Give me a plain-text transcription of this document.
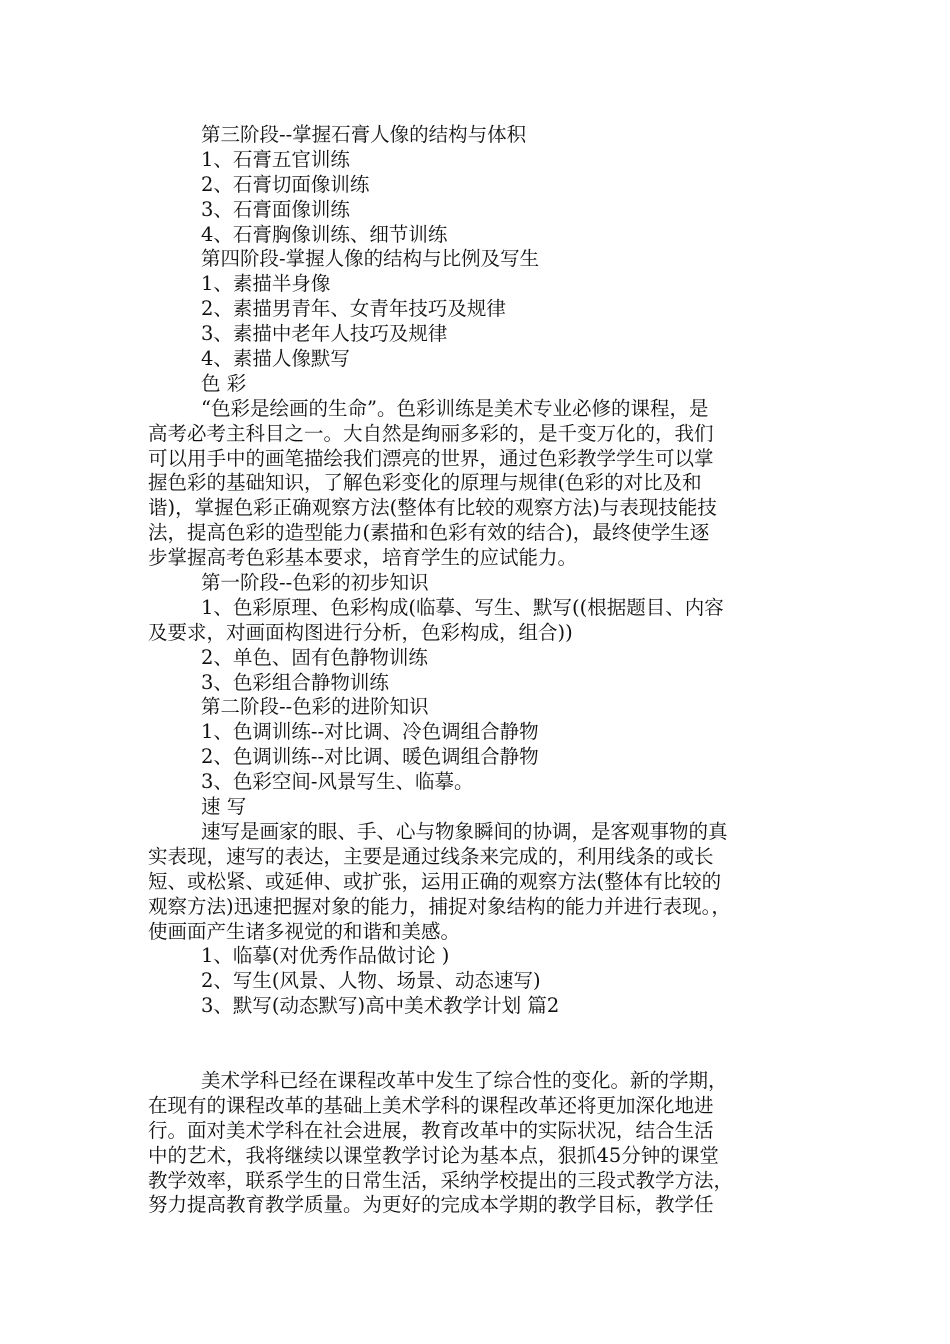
第三阶段--掌握石膏人像的结构与体积
1、石膏五官训练
2、石膏切面像训练
3、石膏面像训练
4、石膏胸像训练、细节训练
第四阶段-掌握人像的结构与比例及写生
1、素描半身像
2、素描男青年、女青年技巧及规律
3、素描中老年人技巧及规律
4、素描人像默写
色 彩
“色彩是绘画的生命”。色彩训练是美术专业必修的课程，是
高考必考主科目之一。大自然是绚丽多彩的，是千变万化的，我们
可以用手中的画笔描绘我们漂亮的世界，通过色彩教学学生可以掌
握色彩的基础知识，了解色彩变化的原理与规律(色彩的对比及和
谐)，掌握色彩正确观察方法(整体有比较的观察方法)与表现技能技
法，提高色彩的造型能力(素描和色彩有效的结合)，最终使学生逐
步掌握高考色彩基本要求，培育学生的应试能力。
第一阶段--色彩的初步知识
1、色彩原理、色彩构成(临摹、写生、默写((根据题目、内容
及要求，对画面构图进行分析，色彩构成，组合))
2、单色、固有色静物训练
3、色彩组合静物训练
第二阶段--色彩的进阶知识
1、色调训练--对比调、冷色调组合静物
2、色调训练--对比调、暖色调组合静物
3、色彩空间-风景写生、临摹。
速 写
速写是画家的眼、手、心与物象瞬间的协调，是客观事物的真
实表现，速写的表达，主要是通过线条来完成的，利用线条的或长
短、或松紧、或延伸、或扩张，运用正确的观察方法(整体有比较的
观察方法)迅速把握对象的能力，捕捉对象结构的能力并进行表现。，
使画面产生诸多视觉的和谐和美感。
1、临摹(对优秀作品做讨论 )
2、写生(风景、人物、场景、动态速写)
3、默写(动态默写)高中美术教学计划 篇2
美术学科已经在课程改革中发生了综合性的变化。新的学期，
在现有的课程改革的基础上美术学科的课程改革还将更加深化地进
行。面对美术学科在社会进展，教育改革中的实际状况，结合生活
中的艺术，我将继续以课堂教学讨论为基本点，狠抓45分钟的课堂
教学效率，联系学生的日常生活，采纳学校提出的三段式教学方法，
努力提高教育教学质量。为更好的完成本学期的教学目标，教学任
